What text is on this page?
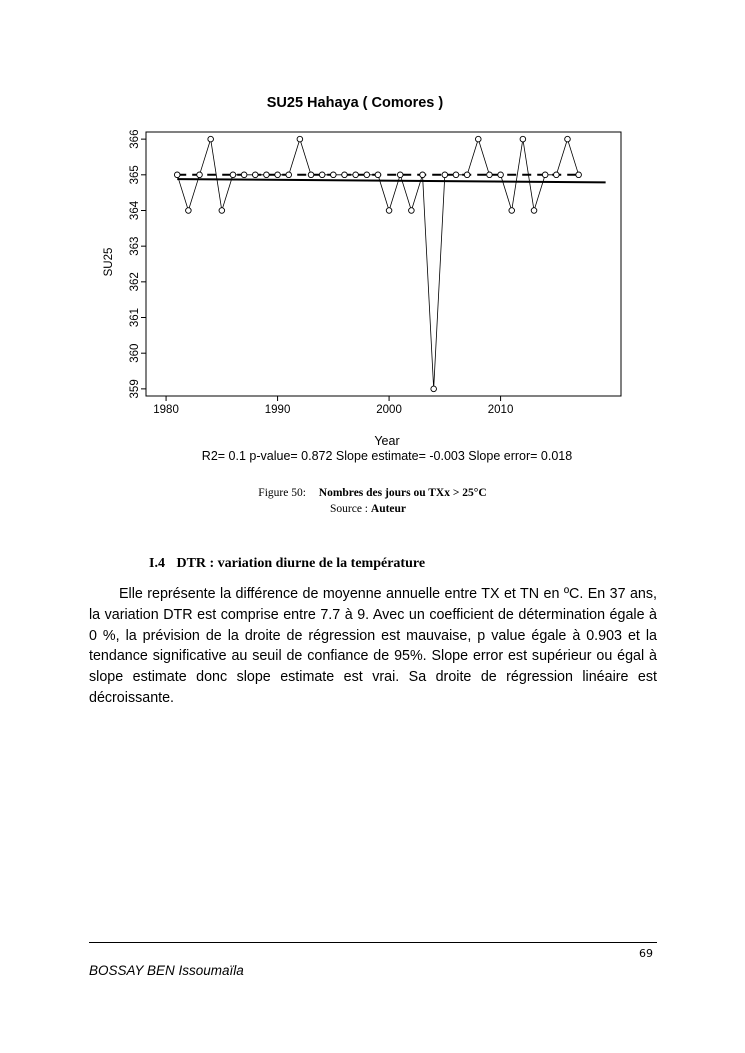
SU25 Hahaya ( Comores )
SU25
Year
R2= 0.1 p-value= 0.872 Slope estimate= -0.003 Slope error= 0.018
1980	1990	2000	2010
359
360
361
362
363
364
365
366
Figure 50: Nombres des jours ou TXx > 25°C
Source : Auteur
I.4 DTR : variation diurne de la température

Elle représente la différence de moyenne annuelle entre TX et TN en ºC. En 37 ans, la variation DTR est comprise entre 7.7 à 9. Avec un coefficient de détermination égale à 0 %, la prévision de la droite de régression est mauvaise, p value égale à 0.903 et la tendance significative au seuil de confiance de 95%. Slope error est supérieur ou égal à slope estimate donc slope estimate est vrai. Sa droite de régression linéaire est décroissante.

69
BOSSAY BEN Issoumaïla
